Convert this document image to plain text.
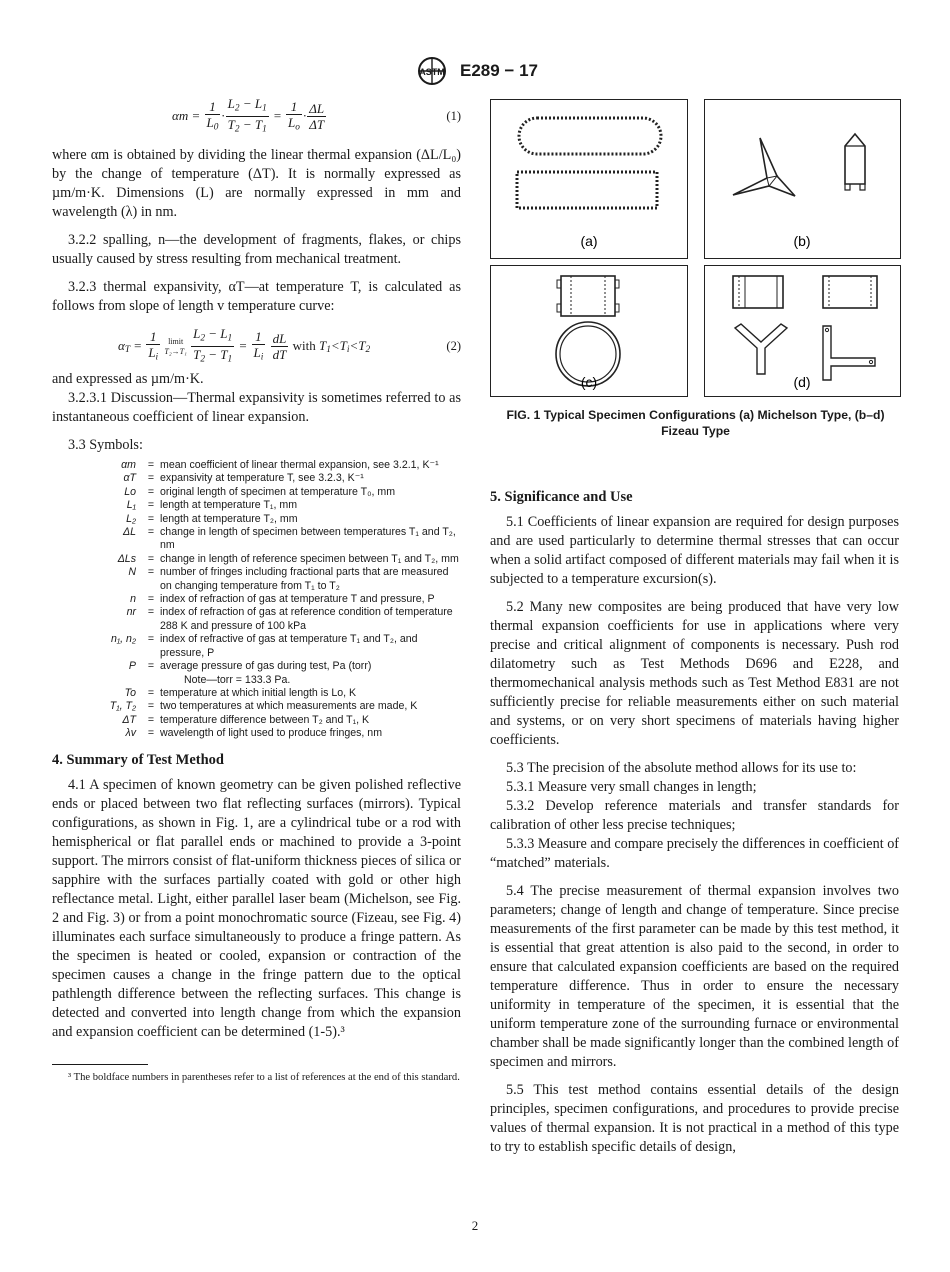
ASTM E289 − 17
$\alpha m = \frac{1}{L_0} \cdot \frac{L_2 - L_1}{T_2 - T_1} = \frac{1}{L_o} \cdot \frac{\Delta L}{\Delta T}$	(1)

where αm is obtained by dividing the linear thermal expansion (ΔL/L₀) by the change of temperature (ΔT). It is normally expressed as µm/m·K. Dimensions (L) are normally expressed in mm and wavelength (λ) in nm.

3.2.2 spalling, n—the development of fragments, flakes, or chips usually caused by stress resulting from mechanical treatment.

3.2.3 thermal expansivity, αT—at temperature T, is calculated as follows from slope of length v temperature curve:

$\alpha_T = \frac{1}{L_i}$ limit
$T_2\to T_1 \frac{L_2 - L_1}{T_2 - T_1} = \frac{1}{L_i}$
$\frac{dL}{dT}$ with $T_1<T_i<T_2$	(2)

and expressed as µm/m·K.

3.2.3.1 Discussion—Thermal expansivity is sometimes referred to as instantaneous coefficient of linear expansion.

3.3 Symbols:

αm	=	mean coefficient of linear thermal expansion, see 3.2.1, K⁻¹
αT	=	expansivity at temperature T, see 3.2.3, K⁻¹
Lo	=	original length of specimen at temperature T₀, mm
L₁	=	length at temperature T₁, mm
L₂	=	length at temperature T₂, mm
ΔL	=	change in length of specimen between temperatures T₁ and T₂, nm
ΔLs	=	change in length of reference specimen between T₁ and T₂, mm
N	=	number of fringes including fractional parts that are measured on changing temperature from T₁ to T₂
n	=	index of refraction of gas at temperature T and pressure, P
nr	=	index of refraction of gas at reference condition of temperature 288 K and pressure of 100 kPa
n₁, n₂	=	index of refractive of gas at temperature T₁ and T₂, and pressure, P
P	=	average pressure of gas during test, Pa (torr)
		Note—torr = 133.3 Pa.
To	=	temperature at which initial length is Lo, K
T₁, T₂	=	two temperatures at which measurements are made, K
ΔT	=	temperature difference between T₂ and T₁, K
λv	=	wavelength of light used to produce fringes, nm
4. Summary of Test Method

4.1 A specimen of known geometry can be given polished reflective ends or placed between two flat reflecting surfaces (mirrors). Typical configurations, as shown in Fig. 1, are a cylindrical tube or a rod with hemispherical or flat parallel ends or machined to provide a 3-point support. The mirrors consist of flat-uniform thickness pieces of silica or sapphire with the surfaces partially coated with gold or other high reflectance metal. Light, either parallel laser beam (Michelson, see Fig. 2 and Fig. 3) or from a point monochromatic source (Fizeau, see Fig. 4) illuminates each surface simultaneously to produce a fringe pattern. As the specimen is heated or cooled, expansion or contraction of the specimen causes a change in the fringe pattern due to the optical pathlength difference between the reflecting surfaces. This change is detected and converted into length change from which the expansion and expansion coefficient can be determined (1-5).³

³ The boldface numbers in parentheses refer to a list of references at the end of this standard.

(a)	(b)
(c)	(d)
FIG. 1 Typical Specimen Configurations (a) Michelson Type, (b–d) Fizeau Type
5. Significance and Use

5.1 Coefficients of linear expansion are required for design purposes and are used particularly to determine thermal stresses that can occur when a solid artifact composed of different materials may fail when it is subjected to a temperature excursion(s).

5.2 Many new composites are being produced that have very low thermal expansion coefficients for use in applications where very precise and critical alignment of components is necessary. Push rod dilatometry such as Test Methods D696 and E228, and thermomechanical analysis methods such as Test Method E831 are not sufficiently precise for reliable measurements either on such material and systems, or on very short specimens of materials having higher coefficients.

5.3 The precision of the absolute method allows for its use to:

5.3.1 Measure very small changes in length;

5.3.2 Develop reference materials and transfer standards for calibration of other less precise techniques;

5.3.3 Measure and compare precisely the differences in coefficient of “matched” materials.

5.4 The precise measurement of thermal expansion involves two parameters; change of length and change of temperature. Since precise measurements of the first parameter can be made by this test method, it is essential that great attention is also paid to the second, in order to ensure that calculated expansion coefficients are based on the required temperature difference. Thus in order to ensure the necessary uniformity in temperature of the specimen, it is essential that the uniform temperature zone of the surrounding furnace or environmental chamber shall be made significantly longer than the combined length of specimen and mirrors.

5.5 This test method contains essential details of the design principles, specimen configurations, and procedures to provide precise values of thermal expansion. It is not practical in a method of this type to try to establish specific details of design,

2
